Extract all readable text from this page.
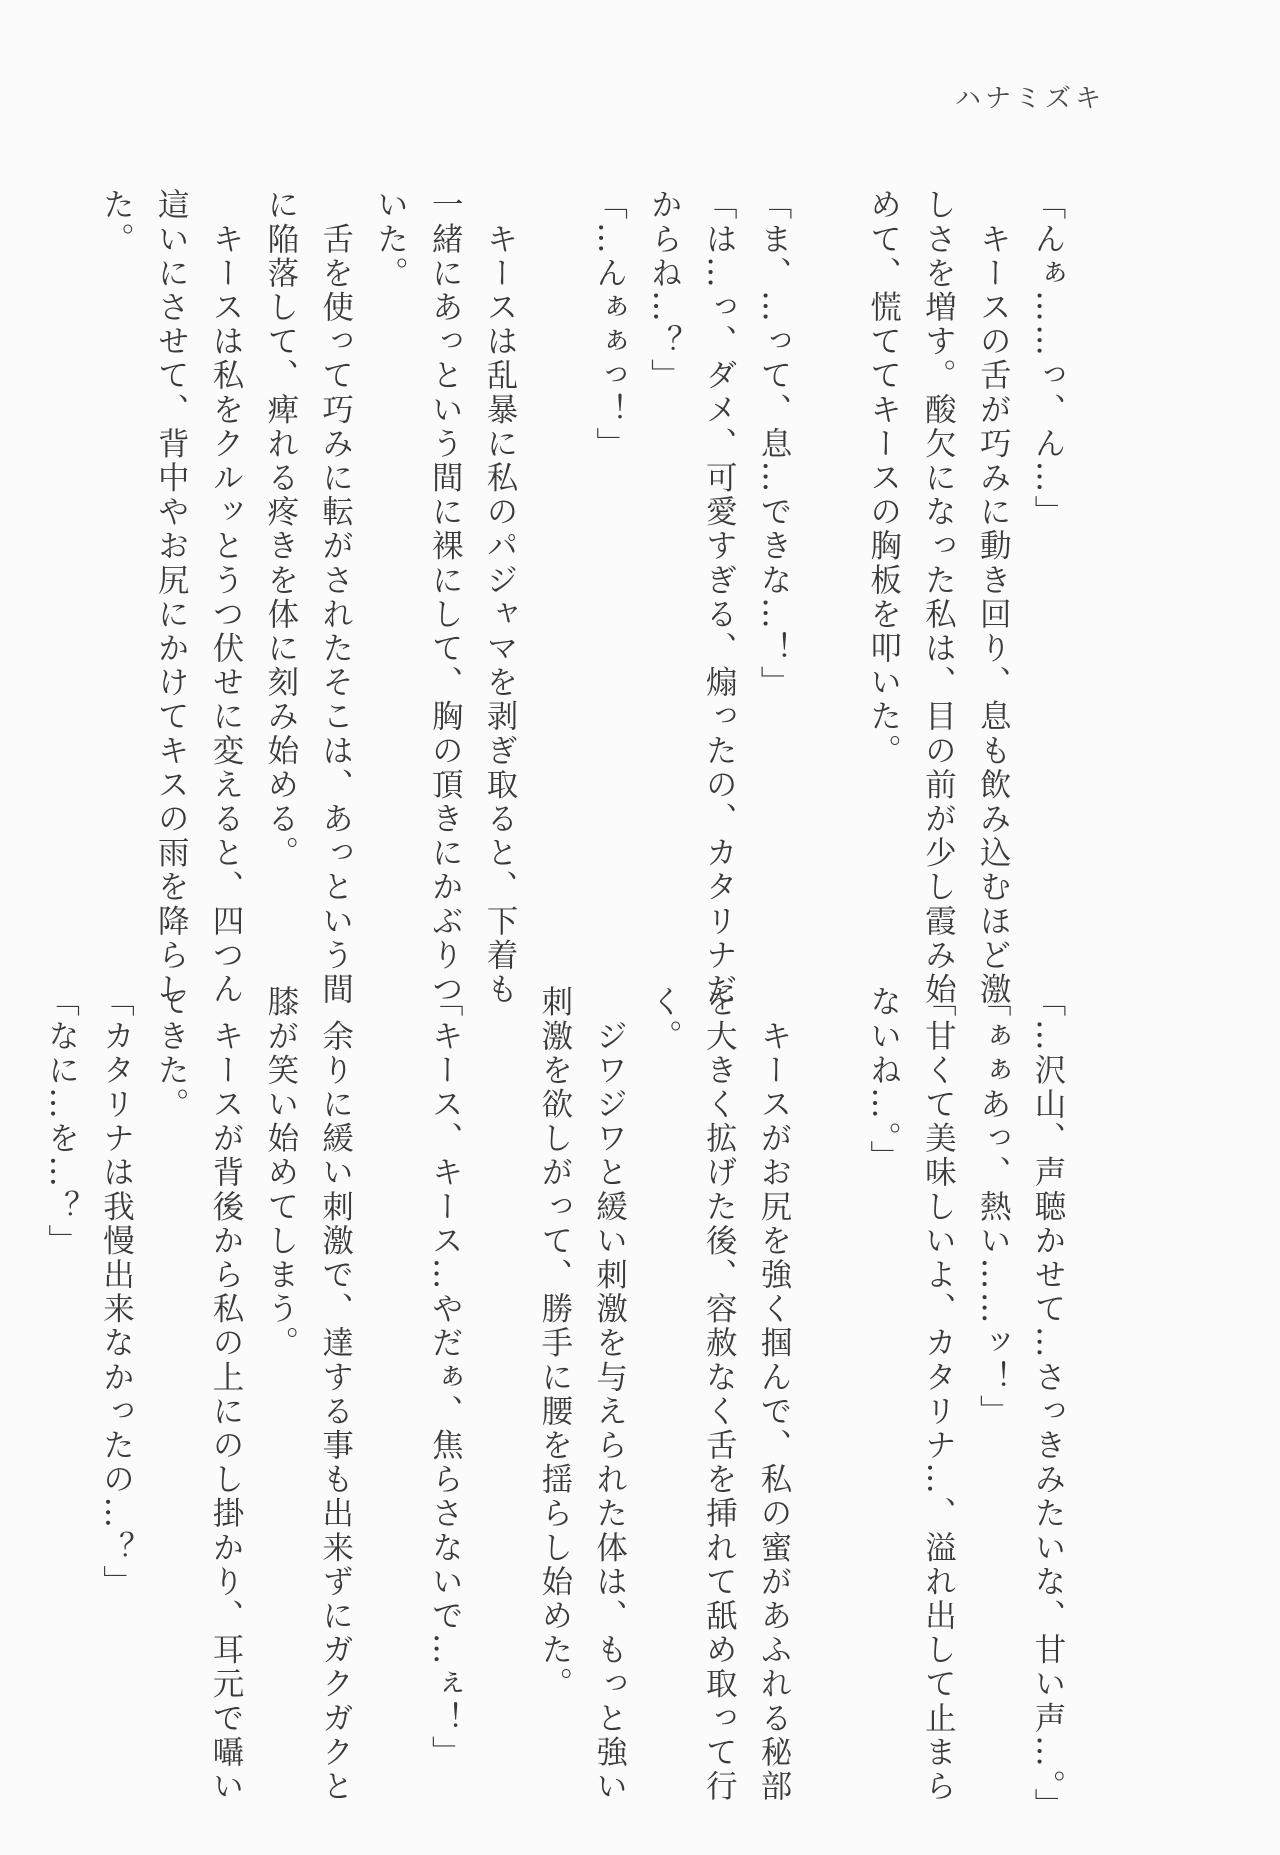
ハナミズキ
「んぁ……っ、ん…」
　キースの舌が巧みに動き回り、息も飲み込むほど激
しさを増す。酸欠になった私は、目の前が少し霞み始
めて、慌ててキースの胸板を叩いた。

「ま、…って、息…できな…！」
「は…っ、ダメ、可愛すぎる、煽ったの、カタリナだ
からね…？」
「…んぁぁっ！」

　キースは乱暴に私のパジャマを剥ぎ取ると、下着も
一緒にあっという間に裸にして、胸の頂きにかぶりつ
いた。
　舌を使って巧みに転がされたそこは、あっという間
に陥落して、痺れる疼きを体に刻み始める。
　キースは私をクルッとうつ伏せに変えると、四つん
這いにさせて、背中やお尻にかけてキスの雨を降らし
た。
「…沢山、声聴かせて…さっきみたいな、甘い声…。」
「ぁぁあっ、熱い……ッ！」
「甘くて美味しいよ、カタリナ…、溢れ出して止まら
ないね…。」

　キースがお尻を強く掴んで、私の蜜があふれる秘部
を大きく拡げた後、容赦なく舌を挿れて舐め取って行
く。
　ジワジワと緩い刺激を与えられた体は、もっと強い
刺激を欲しがって、勝手に腰を揺らし始めた。

「キース、キース…やだぁ、焦らさないで…ぇ！」

　余りに緩い刺激で、達する事も出来ずにガクガクと
膝が笑い始めてしまう。
　キースが背後から私の上にのし掛かり、耳元で囁い
てきた。
「カタリナは我慢出来なかったの…？」
「なに…を…？」
